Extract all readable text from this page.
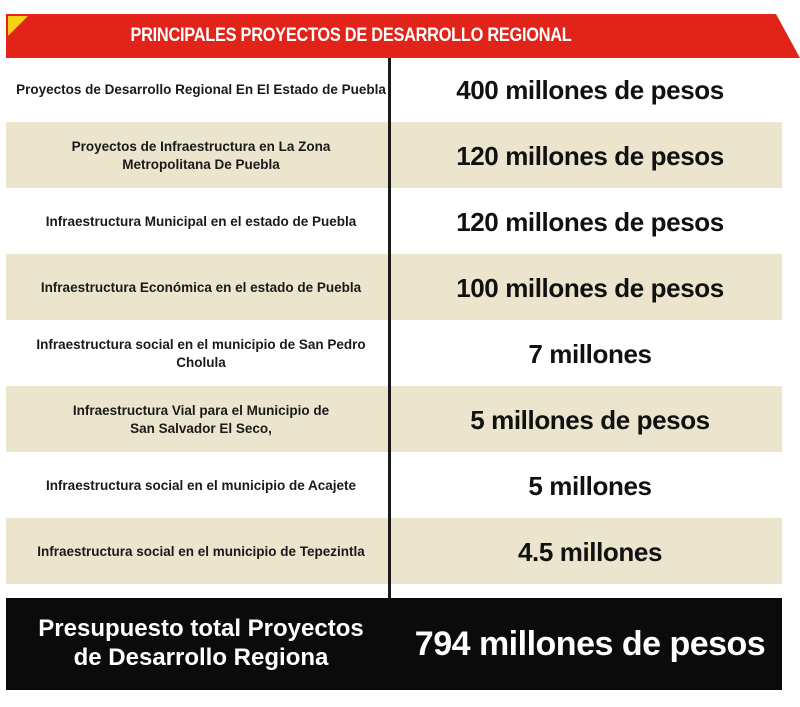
PRINCIPALES PROYECTOS DE DESARROLLO REGIONAL
Proyectos de Desarrollo Regional En El Estado de Puebla	400 millones de pesos
Proyectos de Infraestructura en La Zona
Metropolitana De Puebla	120 millones de pesos
Infraestructura Municipal en el estado de Puebla	120 millones de pesos
Infraestructura Económica en el estado de Puebla	100 millones de pesos
Infraestructura social en el municipio de San Pedro Cholula	7 millones
Infraestructura Vial para el Municipio de
San Salvador El Seco,	5 millones de pesos
Infraestructura social en el municipio de Acajete	5 millones
Infraestructura social en el municipio de Tepezintla	4.5 millones
Presupuesto total Proyectos
de Desarrollo Regiona	794 millones de pesos
